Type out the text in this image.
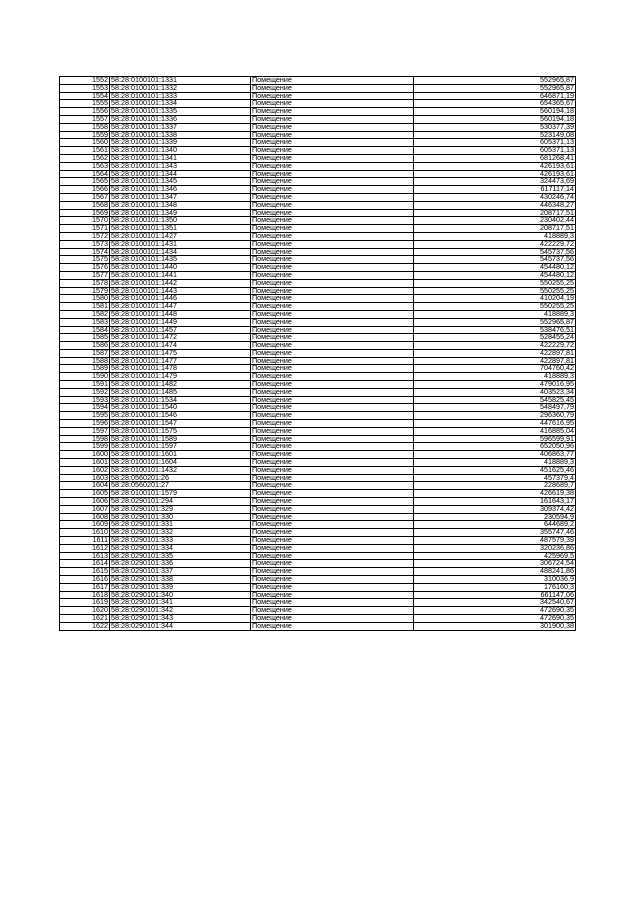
1552	58:28:0100101:1331	Помещение	552965,87
1553	58:28:0100101:1332	Помещение	552965,87
1554	58:28:0100101:1333	Помещение	646871,19
1555	58:28:0100101:1334	Помещение	654365,67
1556	58:28:0100101:1335	Помещение	560194,18
1557	58:28:0100101:1336	Помещение	560194,18
1558	58:28:0100101:1337	Помещение	530377,39
1559	58:28:0100101:1338	Помещение	523149,08
1560	58:28:0100101:1339	Помещение	605371,13
1561	58:28:0100101:1340	Помещение	605371,13
1562	58:28:0100101:1341	Помещение	681268,41
1563	58:28:0100101:1343	Помещение	426193,61
1564	58:28:0100101:1344	Помещение	426193,61
1565	58:28:0100101:1345	Помещение	324473,69
1566	58:28:0100101:1346	Помещение	617117,14
1567	58:28:0100101:1347	Помещение	430246,74
1568	58:28:0100101:1348	Помещение	446348,27
1569	58:28:0100101:1349	Помещение	208717,51
1570	58:28:0100101:1350	Помещение	230402,44
1571	58:28:0100101:1351	Помещение	208717,51
1572	58:28:0100101:1427	Помещение	418889,3
1573	58:28:0100101:1431	Помещение	422229,72
1574	58:28:0100101:1434	Помещение	545737,56
1575	58:28:0100101:1435	Помещение	545737,56
1576	58:28:0100101:1440	Помещение	454480,12
1577	58:28:0100101:1441	Помещение	454480,12
1578	58:28:0100101:1442	Помещение	550255,25
1579	58:28:0100101:1443	Помещение	550255,25
1580	58:28:0100101:1446	Помещение	410204,19
1581	58:28:0100101:1447	Помещение	550255,25
1582	58:28:0100101:1448	Помещение	418889,3
1583	58:28:0100101:1449	Помещение	552965,87
1584	58:28:0100101:1457	Помещение	538476,51
1585	58:28:0100101:1472	Помещение	528455,24
1586	58:28:0100101:1474	Помещение	422229,72
1587	58:28:0100101:1475	Помещение	422897,81
1588	58:28:0100101:1477	Помещение	422897,81
1589	58:28:0100101:1478	Помещение	704760,42
1590	58:28:0100101:1479	Помещение	418889,3
1591	58:28:0100101:1482	Помещение	479016,95
1592	58:28:0100101:1485	Помещение	403523,34
1593	58:28:0100101:1534	Помещение	545825,45
1594	58:28:0100101:1540	Помещение	548497,79
1595	58:28:0100101:1546	Помещение	296360,79
1596	58:28:0100101:1547	Помещение	447616,95
1597	58:28:0100101:1575	Помещение	416885,04
1598	58:28:0100101:1589	Помещение	596599,91
1599	58:28:0100101:1597	Помещение	652050,96
1600	58:28:0100101:1601	Помещение	406863,77
1601	58:28:0100101:1604	Помещение	418889,3
1602	58:28:0100101:1432	Помещение	451625,46
1603	58:28:0560201:26	Помещение	457379,4
1604	58:28:0560201:27	Помещение	228689,7
1605	58:28:0100101:1579	Помещение	426619,38
1606	58:28:0290101:294	Помещение	161643,17
1607	58:28:0290101:329	Помещение	309374,42
1608	58:28:0290101:330	Помещение	230594,9
1609	58:28:0290101:331	Помещение	644689,2
1610	58:28:0290101:332	Помещение	355747,46
1611	58:28:0290101:333	Помещение	487579,39
1612	58:28:0290101:334	Помещение	320236,86
1613	58:28:0290101:335	Помещение	425969,5
1614	58:28:0290101:336	Помещение	306724,54
1615	58:28:0290101:337	Помещение	488241,86
1616	58:28:0290101:338	Помещение	310036,9
1617	58:28:0290101:339	Помещение	176160,3
1618	58:28:0290101:340	Помещение	661147,06
1619	58:28:0290101:341	Помещение	342540,67
1620	58:28:0290101:342	Помещение	472690,35
1621	58:28:0290101:343	Помещение	472690,35
1622	58:28:0290101:344	Помещение	301900,38
